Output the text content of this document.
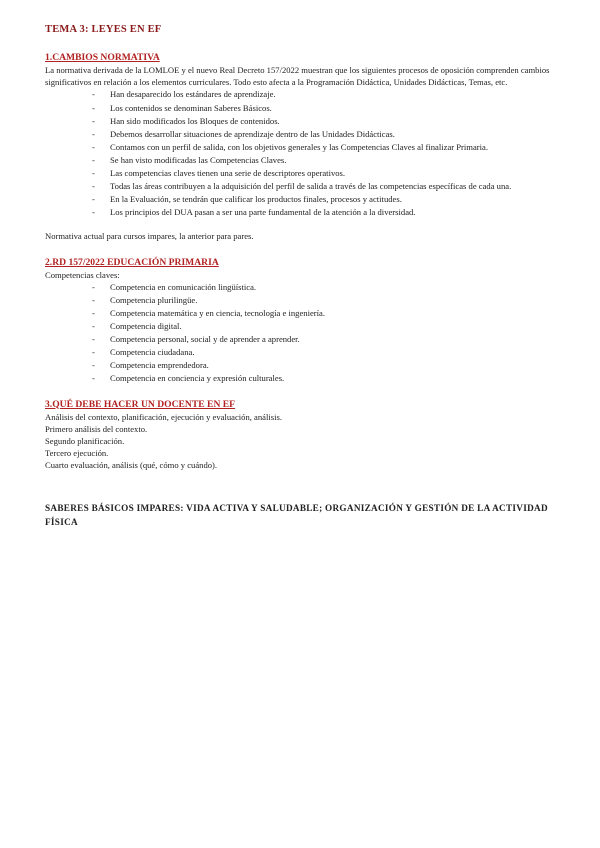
TEMA 3: LEYES EN EF
1.CAMBIOS NORMATIVA

La normativa derivada de la LOMLOE y el nuevo Real Decreto 157/2022 muestran que los siguientes procesos de oposición comprenden cambios significativos en relación a los elementos curriculares. Todo esto afecta a la Programación Didáctica, Unidades Didácticas, Temas, etc.

- Han desaparecido los estándares de aprendizaje.
- Los contenidos se denominan Saberes Básicos.
- Han sido modificados los Bloques de contenidos.
- Debemos desarrollar situaciones de aprendizaje dentro de las Unidades Didácticas.
- Contamos con un perfil de salida, con los objetivos generales y las Competencias Claves al finalizar Primaria.
- Se han visto modificadas las Competencias Claves.
- Las competencias claves tienen una serie de descriptores operativos.
- Todas las áreas contribuyen a la adquisición del perfil de salida a través de las competencias específicas de cada una.
- En la Evaluación, se tendrán que calificar los productos finales, procesos y actitudes.
- Los principios del DUA pasan a ser una parte fundamental de la atención a la diversidad.

Normativa actual para cursos impares, la anterior para pares.

2.RD 157/2022 EDUCACIÓN PRIMARIA

Competencias claves:

- Competencia en comunicación lingüística.
- Competencia plurilingüe.
- Competencia matemática y en ciencia, tecnología e ingeniería.
- Competencia digital.
- Competencia personal, social y de aprender a aprender.
- Competencia ciudadana.
- Competencia emprendedora.
- Competencia en conciencia y expresión culturales.
3.QUÉ DEBE HACER UN DOCENTE EN EF

Análisis del contexto, planificación, ejecución y evaluación, análisis.

Primero análisis del contexto.

Segundo planificación.

Tercero ejecución.

Cuarto evaluación, análisis (qué, cómo y cuándo).

SABERES BÁSICOS IMPARES: VIDA ACTIVA Y SALUDABLE; ORGANIZACIÓN Y GESTIÓN DE LA ACTIVIDAD FÍSICA
